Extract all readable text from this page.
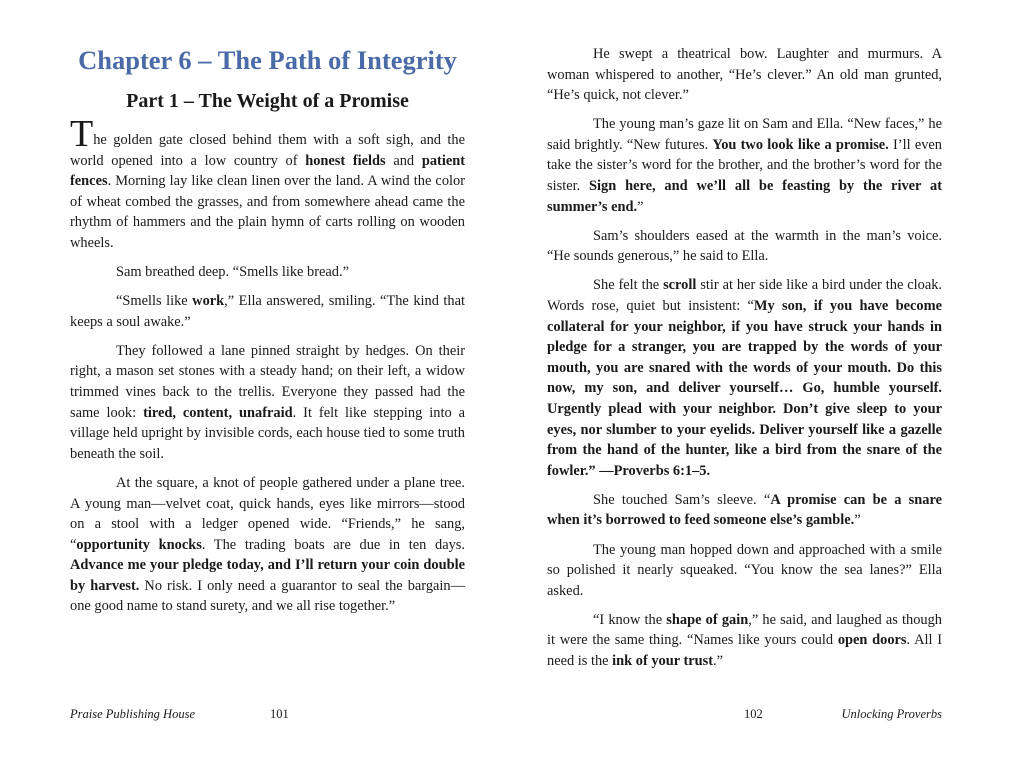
Chapter 6 – The Path of Integrity
Part 1 – The Weight of a Promise

The golden gate closed behind them with a soft sigh, and the world opened into a low country of honest fields and patient fences. Morning lay like clean linen over the land. A wind the color of wheat combed the grasses, and from somewhere ahead came the rhythm of hammers and the plain hymn of carts rolling on wooden wheels.

Sam breathed deep. “Smells like bread.”

“Smells like work,” Ella answered, smiling. “The kind that keeps a soul awake.”

They followed a lane pinned straight by hedges. On their right, a mason set stones with a steady hand; on their left, a widow trimmed vines back to the trellis. Everyone they passed had the same look: tired, content, unafraid. It felt like stepping into a village held upright by invisible cords, each house tied to some truth beneath the soil.

At the square, a knot of people gathered under a plane tree. A young man—velvet coat, quick hands, eyes like mirrors—stood on a stool with a ledger opened wide. “Friends,” he sang, “opportunity knocks. The trading boats are due in ten days. Advance me your pledge today, and I’ll return your coin double by harvest. No risk. I only need a guarantor to seal the bargain—one good name to stand surety, and we all rise together.”

He swept a theatrical bow. Laughter and murmurs. A woman whispered to another, “He’s clever.” An old man grunted, “He’s quick, not clever.”

The young man’s gaze lit on Sam and Ella. “New faces,” he said brightly. “New futures. You two look like a promise. I’ll even take the sister’s word for the brother, and the brother’s word for the sister. Sign here, and we’ll all be feasting by the river at summer’s end.”

Sam’s shoulders eased at the warmth in the man’s voice. “He sounds generous,” he said to Ella.

She felt the scroll stir at her side like a bird under the cloak. Words rose, quiet but insistent: “My son, if you have become collateral for your neighbor, if you have struck your hands in pledge for a stranger, you are trapped by the words of your mouth, you are snared with the words of your mouth. Do this now, my son, and deliver yourself… Go, humble yourself. Urgently plead with your neighbor. Don’t give sleep to your eyes, nor slumber to your eyelids. Deliver yourself like a gazelle from the hand of the hunter, like a bird from the snare of the fowler.” —Proverbs 6:1–5.

She touched Sam’s sleeve. “A promise can be a snare when it’s borrowed to feed someone else’s gamble.”

The young man hopped down and approached with a smile so polished it nearly squeaked. “You know the sea lanes?” Ella asked.

“I know the shape of gain,” he said, and laughed as though it were the same thing. “Names like yours could open doors. All I need is the ink of your trust.”

Praise Publishing House	101	102	Unlocking Proverbs
